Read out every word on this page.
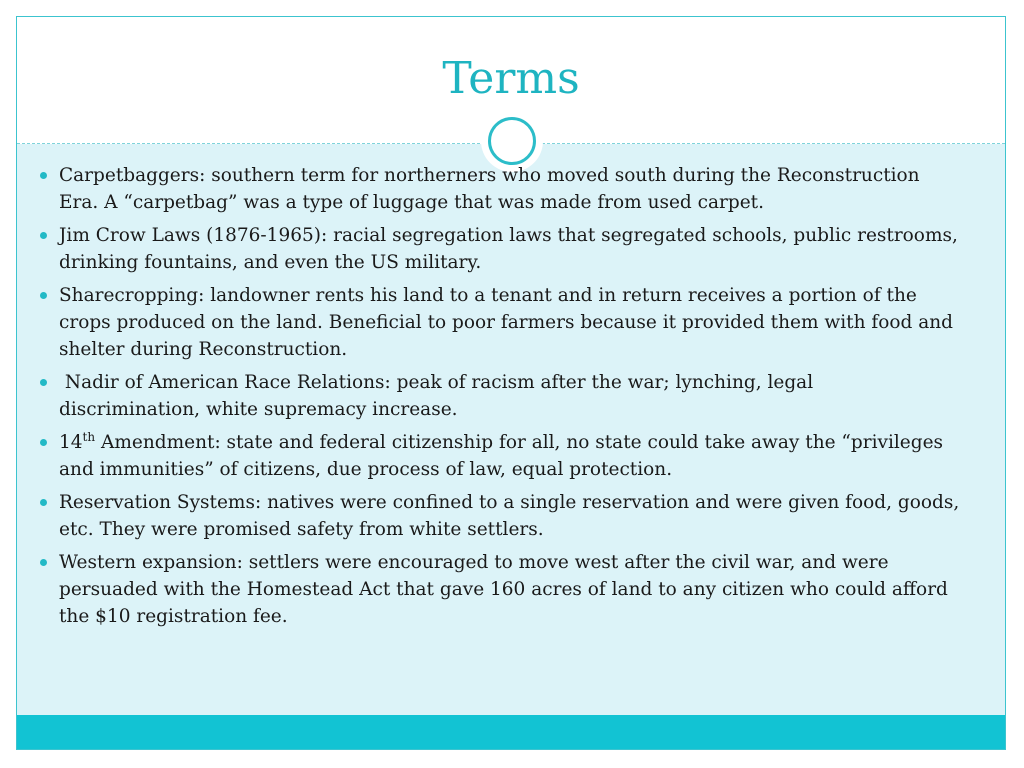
Terms
Carpetbaggers: southern term for northerners who moved south during the Reconstruction Era. A “carpetbag” was a type of luggage that was made from used carpet.
Jim Crow Laws (1876-1965): racial segregation laws that segregated schools, public restrooms, drinking fountains, and even the US military.
Sharecropping: landowner rents his land to a tenant and in return receives a portion of the crops produced on the land. Beneficial to poor farmers because it provided them with food and shelter during Reconstruction.
Nadir of American Race Relations: peak of racism after the war; lynching, legal discrimination, white supremacy increase.
14th Amendment: state and federal citizenship for all, no state could take away the “privileges and immunities” of citizens, due process of law, equal protection.
Reservation Systems: natives were confined to a single reservation and were given food, goods, etc. They were promised safety from white settlers.
Western expansion: settlers were encouraged to move west after the civil war, and were persuaded with the Homestead Act that gave 160 acres of land to any citizen who could afford the $10 registration fee.
